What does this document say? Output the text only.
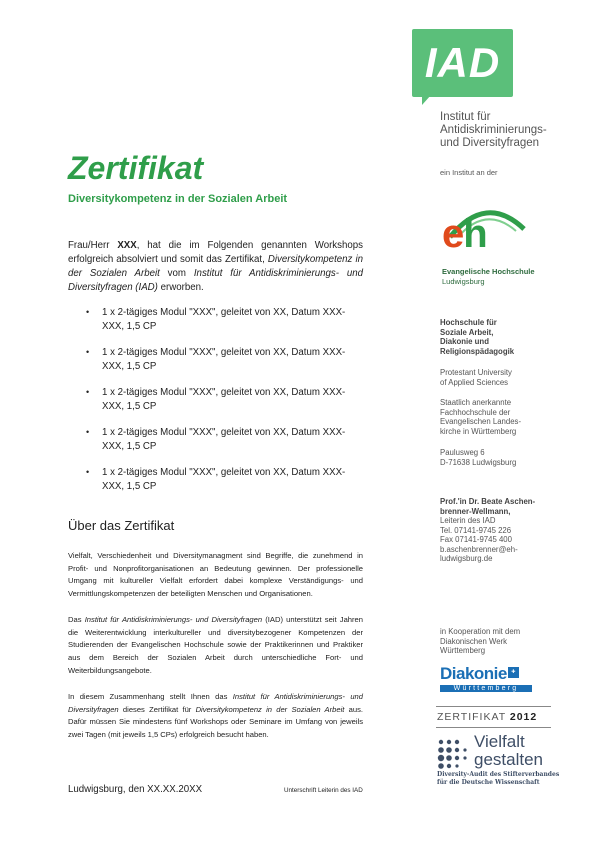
IAD
Institut für
Antidiskriminierungs-
und Diversityfragen
ein Institut an der
eh
Evangelische Hochschule
Ludwigsburg
Hochschule für
Soziale Arbeit,
Diakonie und
Religionspädagogik
Protestant University
of Applied Sciences
Staatlich anerkannte
Fachhochschule der
Evangelischen Landes-
kirche in Württemberg
Paulusweg 6
D-71638 Ludwigsburg
Prof.'in Dr. Beate Aschen-
brenner-Wellmann,
Leiterin des IAD
Tel. 07141-9745 226
Fax 07141-9745 400
b.aschenbrenner@eh-
ludwigsburg.de
in Kooperation mit dem
Diakonischen Werk
Württemberg
Diakonie ✚
Württemberg
ZERTIFIKAT 2012
Vielfalt
gestalten
Diversity-Audit des Stifterverbandes
für die Deutsche Wissenschaft
Zertifikat
Diversitykompetenz in der Sozialen Arbeit
Frau/Herr XXX, hat die im Folgenden genannten Workshops erfolgreich absolviert und somit das Zertifikat, Diversitykompetenz in der Sozialen Arbeit vom Institut für Antidiskriminierungs- und Diversityfragen (IAD) erworben.
• 1 x 2-tägiges Modul "XXX", geleitet von XX, Datum XXX-
XXX, 1,5 CP
• 1 x 2-tägiges Modul "XXX", geleitet von XX, Datum XXX-
XXX, 1,5 CP
• 1 x 2-tägiges Modul "XXX", geleitet von XX, Datum XXX-
XXX, 1,5 CP
• 1 x 2-tägiges Modul "XXX", geleitet von XX, Datum XXX-
XXX, 1,5 CP
• 1 x 2-tägiges Modul "XXX", geleitet von XX, Datum XXX-
XXX, 1,5 CP
Über das Zertifikat
Vielfalt, Verschiedenheit und Diversitymanagment sind Begriffe, die zunehmend in Profit- und Nonprofitorganisationen an Bedeutung gewinnen. Der professionelle Umgang mit kultureller Vielfalt erfordert dabei komplexe Verständigungs- und Vermittlungskompetenzen der beteiligten Menschen und Organisationen.
Das Institut für Antidiskriminierungs- und Diversityfragen (IAD) unterstützt seit Jahren die Weiterentwicklung interkultureller und diversitybezogener Kompetenzen der Studierenden der Evangelischen Hochschule sowie der Praktikerinnen und Praktiker aus dem Bereich der Sozialen Arbeit durch unterschiedliche Fort- und Weiterbildungsangebote.
In diesem Zusammenhang stellt Ihnen das Institut für Antidiskriminierungs- und Diversityfragen dieses Zertifikat für Diversitykompetenz in der Sozialen Arbeit aus. Dafür müssen Sie mindestens fünf Workshops oder Seminare im Umfang von jeweils zwei Tagen (mit jeweils 1,5 CPs) erfolgreich besucht haben.
Ludwigsburg, den XX.XX.20XX	Unterschrift Leiterin des IAD
